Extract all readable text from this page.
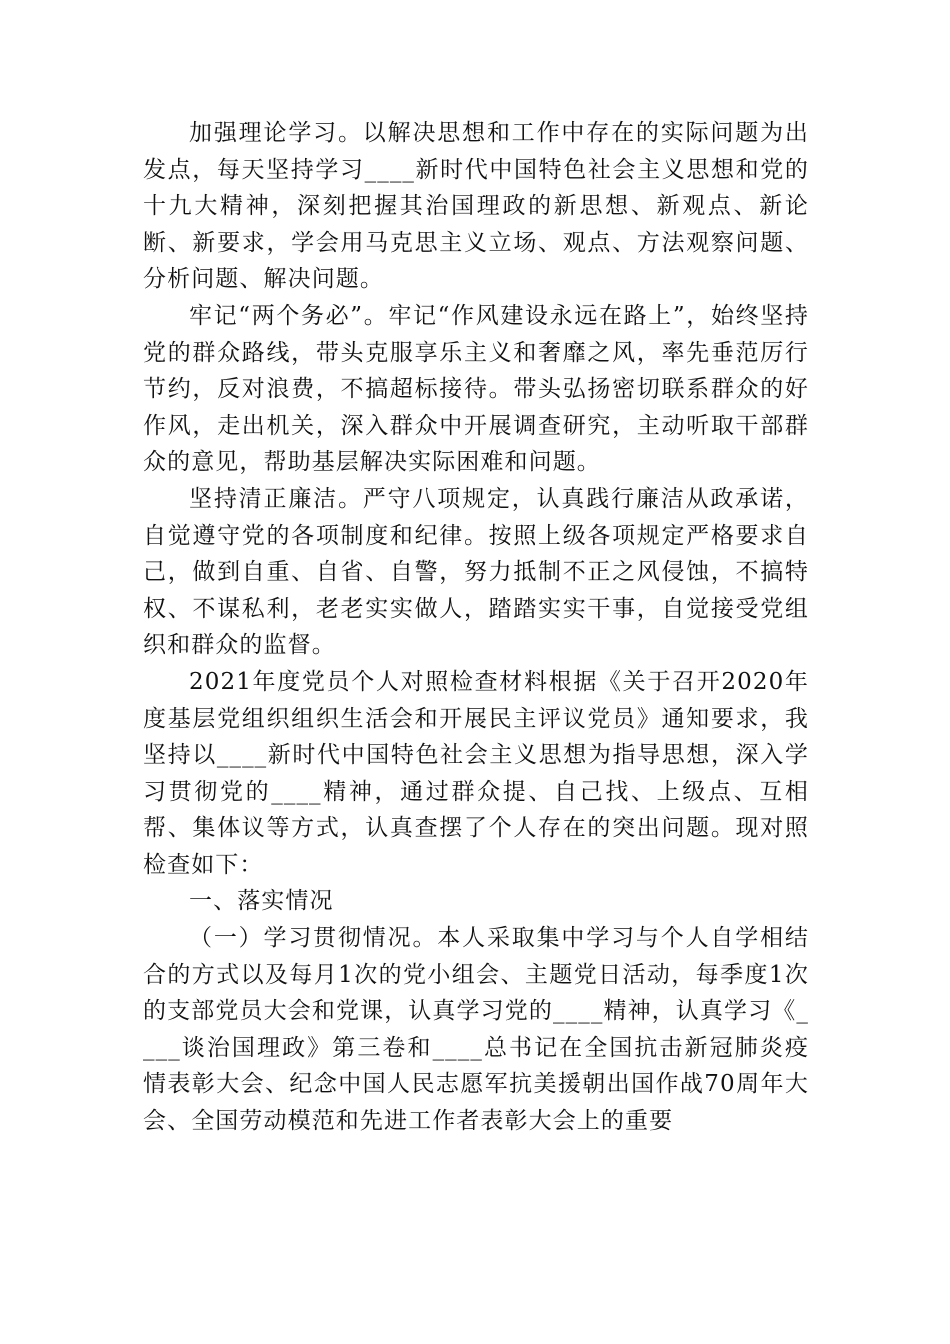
加强理论学习。以解决思想和工作中存在的实际问题为出发点，每天坚持学习____新时代中国特色社会主义思想和党的十九大精神，深刻把握其治国理政的新思想、新观点、新论断、新要求，学会用马克思主义立场、观点、方法观察问题、分析问题、解决问题。

牢记“两个务必”。牢记“作风建设永远在路上”，始终坚持党的群众路线，带头克服享乐主义和奢靡之风，率先垂范厉行节约，反对浪费，不搞超标接待。带头弘扬密切联系群众的好作风，走出机关，深入群众中开展调查研究，主动听取干部群众的意见，帮助基层解决实际困难和问题。

坚持清正廉洁。严守八项规定，认真践行廉洁从政承诺，自觉遵守党的各项制度和纪律。按照上级各项规定严格要求自己，做到自重、自省、自警，努力抵制不正之风侵蚀，不搞特权、不谋私利，老老实实做人，踏踏实实干事，自觉接受党组织和群众的监督。

2021年度党员个人对照检查材料根据《关于召开2020年度基层党组织组织生活会和开展民主评议党员》通知要求，我坚持以____新时代中国特色社会主义思想为指导思想，深入学习贯彻党的____精神，通过群众提、自己找、上级点、互相帮、集体议等方式，认真查摆了个人存在的突出问题。现对照检查如下：

一、落实情况

（一）学习贯彻情况。本人采取集中学习与个人自学相结合的方式以及每月1次的党小组会、主题党日活动，每季度1次的支部党员大会和党课，认真学习党的____精神，认真学习《____谈治国理政》第三卷和____总书记在全国抗击新冠肺炎疫情表彰大会、纪念中国人民志愿军抗美援朝出国作战70周年大会、全国劳动模范和先进工作者表彰大会上的重要
